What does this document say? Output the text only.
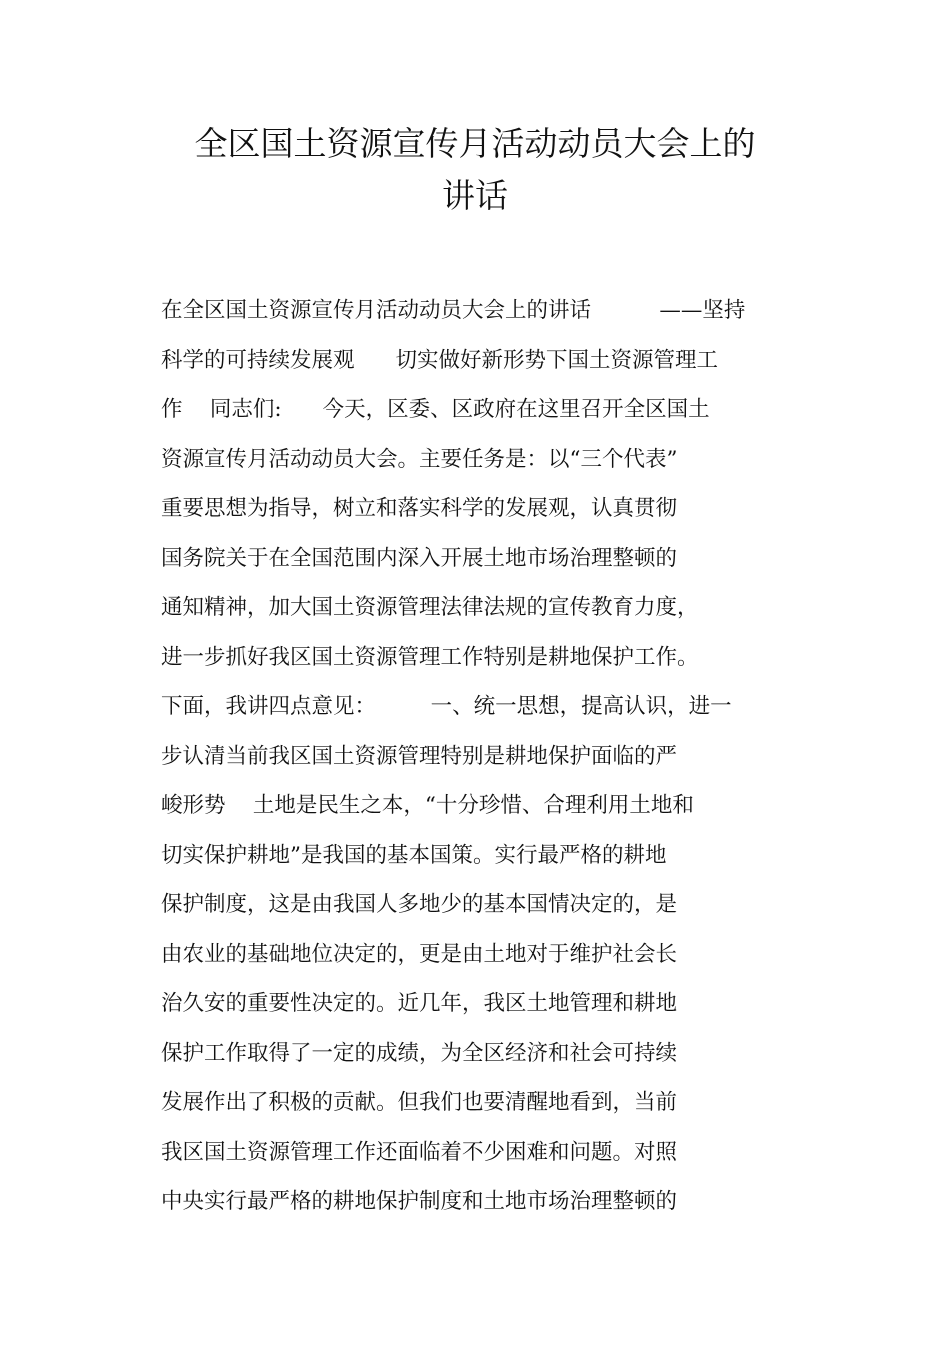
全区国土资源宣传月活动动员大会上的
讲话
在全区国土资源宣传月活动动员大会上的讲话          ——坚持
科学的可持续发展观      切实做好新形势下国土资源管理工
作    同志们:      今天，区委、区政府在这里召开全区国土
资源宣传月活动动员大会。主要任务是：以“三个代表”
重要思想为指导，树立和落实科学的发展观，认真贯彻
国务院关于在全国范围内深入开展土地市场治理整顿的
通知精神，加大国土资源管理法律法规的宣传教育力度，
进一步抓好我区国土资源管理工作特别是耕地保护工作。
下面，我讲四点意见：        一、统一思想，提高认识，进一
步认清当前我区国土资源管理特别是耕地保护面临的严
峻形势    土地是民生之本，“十分珍惜、合理利用土地和
切实保护耕地”是我国的基本国策。实行最严格的耕地
保护制度，这是由我国人多地少的基本国情决定的，是
由农业的基础地位决定的，更是由土地对于维护社会长
治久安的重要性决定的。近几年，我区土地管理和耕地
保护工作取得了一定的成绩，为全区经济和社会可持续
发展作出了积极的贡献。但我们也要清醒地看到，当前
我区国土资源管理工作还面临着不少困难和问题。对照
中央实行最严格的耕地保护制度和土地市场治理整顿的
